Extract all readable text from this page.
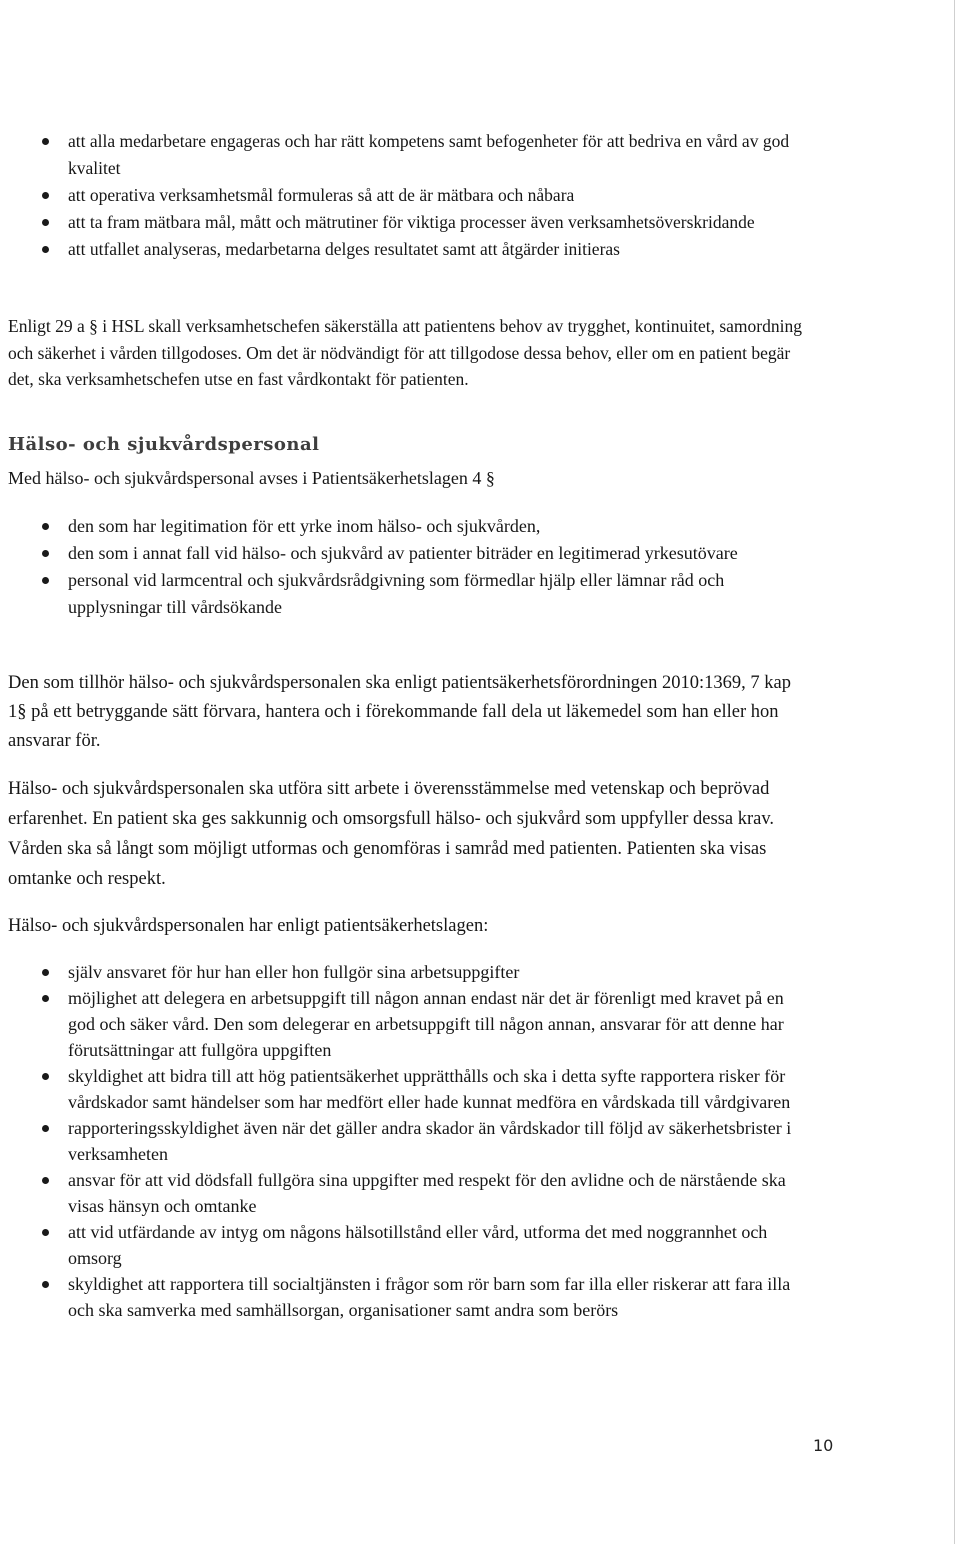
att alla medarbetare engageras och har rätt kompetens samt befogenheter för att bedriva en vård av god kvalitet
att operativa verksamhetsmål formuleras så att de är mätbara och nåbara
att ta fram mätbara mål, mått och mätrutiner för viktiga processer även verksamhetsöverskridande
att utfallet analyseras, medarbetarna delges resultatet samt att åtgärder initieras

Enligt 29 a § i HSL skall verksamhetschefen säkerställa att patientens behov av trygghet, kontinuitet, samordning och säkerhet i vården tillgodoses. Om det är nödvändigt för att tillgodose dessa behov, eller om en patient begär det, ska verksamhetschefen utse en fast vårdkontakt för patienten.

Hälso- och sjukvårdspersonal

Med hälso- och sjukvårdspersonal avses i Patientsäkerhetslagen 4 §

den som har legitimation för ett yrke inom hälso- och sjukvården,
den som i annat fall vid hälso- och sjukvård av patienter biträder en legitimerad yrkesutövare
personal vid larmcentral och sjukvårdsrådgivning som förmedlar hjälp eller lämnar råd och upplysningar till vårdsökande

Den som tillhör hälso- och sjukvårdspersonalen ska enligt patientsäkerhetsförordningen 2010:1369, 7 kap 1§ på ett betryggande sätt förvara, hantera och i förekommande fall dela ut läkemedel som han eller hon ansvarar för.

Hälso- och sjukvårdspersonalen ska utföra sitt arbete i överensstämmelse med vetenskap och beprövad erfarenhet. En patient ska ges sakkunnig och omsorgsfull hälso- och sjukvård som uppfyller dessa krav. Vården ska så långt som möjligt utformas och genomföras i samråd med patienten. Patienten ska visas omtanke och respekt.

Hälso- och sjukvårdspersonalen har enligt patientsäkerhetslagen:

själv ansvaret för hur han eller hon fullgör sina arbetsuppgifter
möjlighet att delegera en arbetsuppgift till någon annan endast när det är förenligt med kravet på en god och säker vård. Den som delegerar en arbetsuppgift till någon annan, ansvarar för att denne har förutsättningar att fullgöra uppgiften
skyldighet att bidra till att hög patientsäkerhet upprätthålls och ska i detta syfte rapportera risker för vårdskador samt händelser som har medfört eller hade kunnat medföra en vårdskada till vårdgivaren
rapporteringsskyldighet även när det gäller andra skador än vårdskador till följd av säkerhetsbrister i verksamheten
ansvar för att vid dödsfall fullgöra sina uppgifter med respekt för den avlidne och de närstående ska visas hänsyn och omtanke
att vid utfärdande av intyg om någons hälsotillstånd eller vård, utforma det med noggrannhet och omsorg
skyldighet att rapportera till socialtjänsten i frågor som rör barn som far illa eller riskerar att fara illa och ska samverka med samhällsorgan, organisationer samt andra som berörs
10
